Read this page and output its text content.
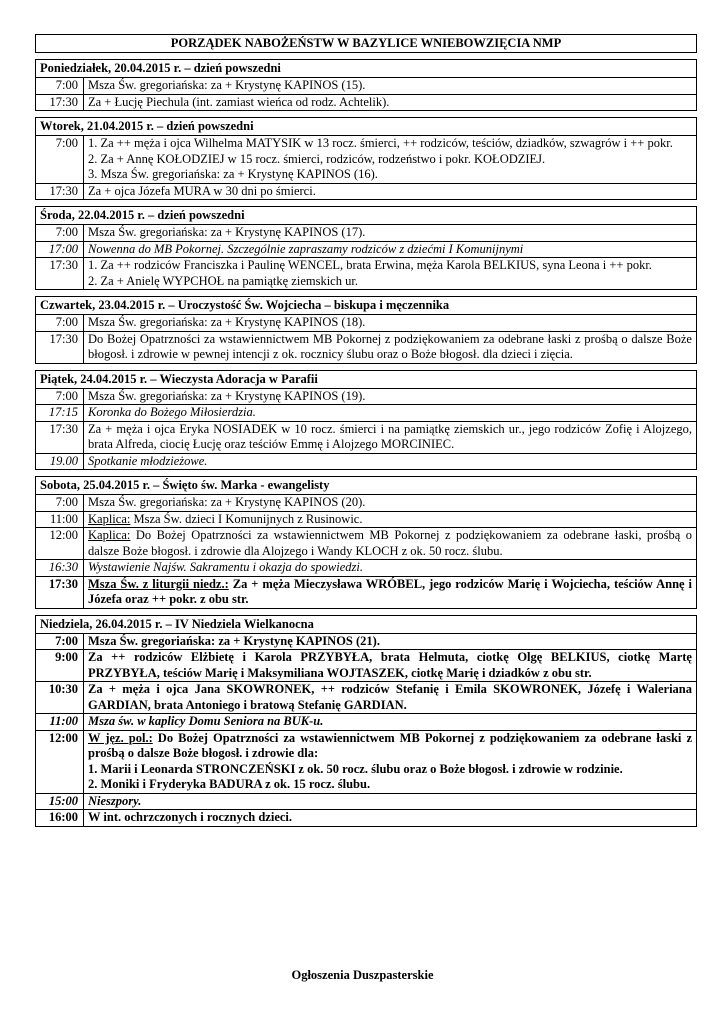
PORZĄDEK NABOŻEŃSTW W BAZYLICE WNIEBOWZIĘCIA NMP
Poniedziałek, 20.04.2015 r. – dzień powszedni
7:00	Msza Św. gregoriańska: za + Krystynę KAPINOS (15).

17:30	Za + Łucję Piechula (int. zamiast wieńca od rodz. Achtelik).
Wtorek, 21.04.2015 r. – dzień powszedni
7:00	1. Za ++ męża i ojca Wilhelma MATYSIK w 13 rocz. śmierci, ++ rodziców, teściów, dziadków, szwagrów i ++ pokr.
2. Za + Annę KOŁODZIEJ w 15 rocz. śmierci, rodziców, rodzeństwo i pokr. KOŁODZIEJ.
3. Msza Św. gregoriańska: za + Krystynę KAPINOS (16).

17:30	Za + ojca Józefa MURA w 30 dni po śmierci.
Środa, 22.04.2015 r. – dzień powszedni
7:00	Msza Św. gregoriańska: za + Krystynę KAPINOS (17).

17:00	Nowenna do MB Pokornej. Szczególnie zapraszamy rodziców z dziećmi I Komunijnymi

17:30	1. Za ++ rodziców Franciszka i Paulinę WENCEL, brata Erwina, męża Karola BELKIUS, syna Leona i ++ pokr.
2. Za + Anielę WYPCHOŁ na pamiątkę ziemskich ur.
Czwartek, 23.04.2015 r. – Uroczystość Św. Wojciecha – biskupa i męczennika
7:00	Msza Św. gregoriańska: za + Krystynę KAPINOS (18).

17:30	Do Bożej Opatrzności za wstawiennictwem MB Pokornej z podziękowaniem za odebrane łaski z prośbą o dalsze Boże błogosł. i zdrowie w pewnej intencji z ok. rocznicy ślubu oraz o Boże błogosł. dla dzieci i zięcia.
Piątek, 24.04.2015 r. – Wieczysta Adoracja w Parafii
7:00	Msza Św. gregoriańska: za + Krystynę KAPINOS (19).

17:15	Koronka do Bożego Miłosierdzia.

17:30	Za + męża i ojca Eryka NOSIADEK w 10 rocz. śmierci i na pamiątkę ziemskich ur., jego rodziców Zofię i Alojzego, brata Alfreda, ciocię Łucję oraz teściów Emmę i Alojzego MORCINIEC.

19.00	Spotkanie młodzieżowe.
Sobota, 25.04.2015 r. – Święto św. Marka - ewangelisty
7:00	Msza Św. gregoriańska: za + Krystynę KAPINOS (20).

11:00	Kaplica: Msza Św. dzieci I Komunijnych z Rusinowic.

12:00	Kaplica: Do Bożej Opatrzności za wstawiennictwem MB Pokornej z podziękowaniem za odebrane łaski, prośbą o dalsze Boże błogosł. i zdrowie dla Alojzego i Wandy KLOCH z ok. 50 rocz. ślubu.

16:30	Wystawienie Najśw. Sakramentu i okazja do spowiedzi.

17:30	Msza Św. z liturgii niedz.: Za + męża Mieczysława WRÓBEL, jego rodziców Marię i Wojciecha, teściów Annę i Józefa oraz ++ pokr. z obu str.
Niedziela, 26.04.2015 r. – IV Niedziela Wielkanocna
7:00	Msza Św. gregoriańska: za + Krystynę KAPINOS (21).

9:00	Za ++ rodziców Elżbietę i Karola PRZYBYŁA, brata Helmuta, ciotkę Olgę BELKIUS, ciotkę Martę PRZYBYŁA, teściów Marię i Maksymiliana WOJTASZEK, ciotkę Marię i dziadków z obu str.

10:30	Za + męża i ojca Jana SKOWRONEK, ++ rodziców Stefanię i Emila SKOWRONEK, Józefę i Waleriana GARDIAN, brata Antoniego i bratową Stefanię GARDIAN.

11:00	Msza św. w kaplicy Domu Seniora na BUK-u.

12:00	W jęz. pol.: Do Bożej Opatrzności za wstawiennictwem MB Pokornej z podziękowaniem za odebrane łaski z prośbą o dalsze Boże błogosł. i zdrowie dla:
1. Marii i Leonarda STRONCZEŃSKI z ok. 50 rocz. ślubu oraz o Boże błogosł. i zdrowie w rodzinie.
2. Moniki i Fryderyka BADURA z ok. 15 rocz. ślubu.

15:00	Nieszpory.

16:00	W int. ochrzczonych i rocznych dzieci.
Ogłoszenia Duszpasterskie
